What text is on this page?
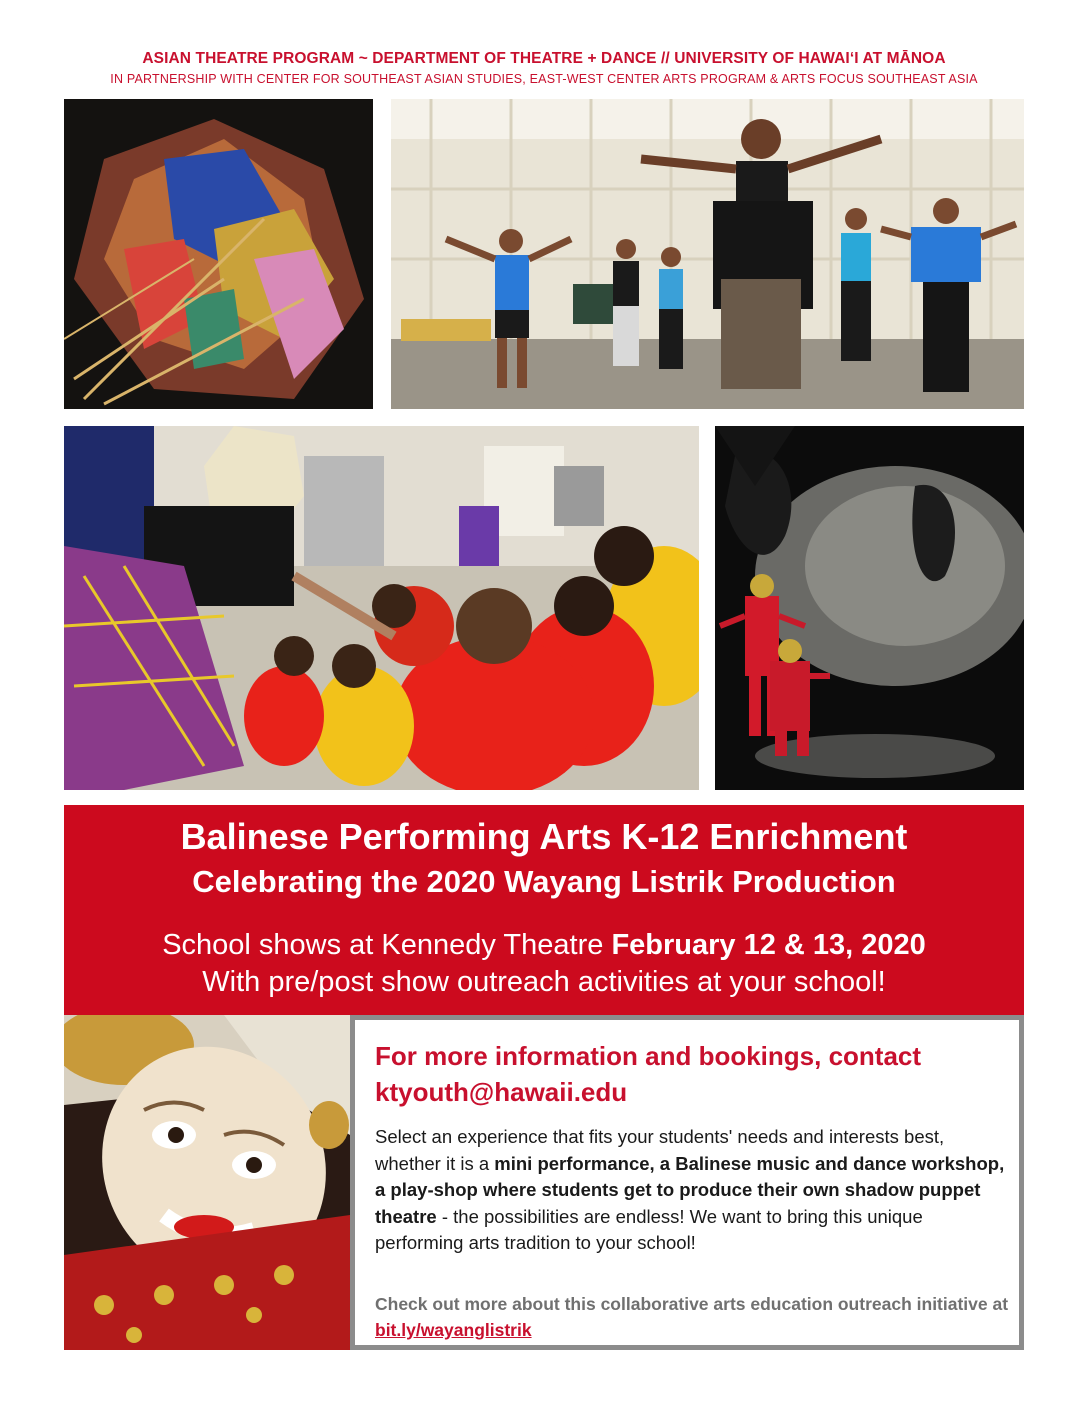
ASIAN THEATRE PROGRAM ~ DEPARTMENT OF THEATRE + DANCE // UNIVERSITY OF HAWAI‘I AT MĀNOA
IN PARTNERSHIP WITH CENTER FOR SOUTHEAST ASIAN STUDIES, EAST-WEST CENTER ARTS PROGRAM & ARTS FOCUS SOUTHEAST ASIA
Balinese Performing Arts K-12 Enrichment
Celebrating the 2020 Wayang Listrik Production
School shows at Kennedy Theatre February 12 & 13, 2020
With pre/post show outreach activities at your school!
For more information and bookings, contact
ktyouth@hawaii.edu
Select an experience that fits your students' needs and interests best, whether it is a mini performance, a Balinese music and dance workshop, a play-shop where students get to produce their own shadow puppet theatre - the possibilities are endless! We want to bring this unique performing arts tradition to your school!
Check out more about this collaborative arts education outreach initiative at bit.ly/wayanglistrik
